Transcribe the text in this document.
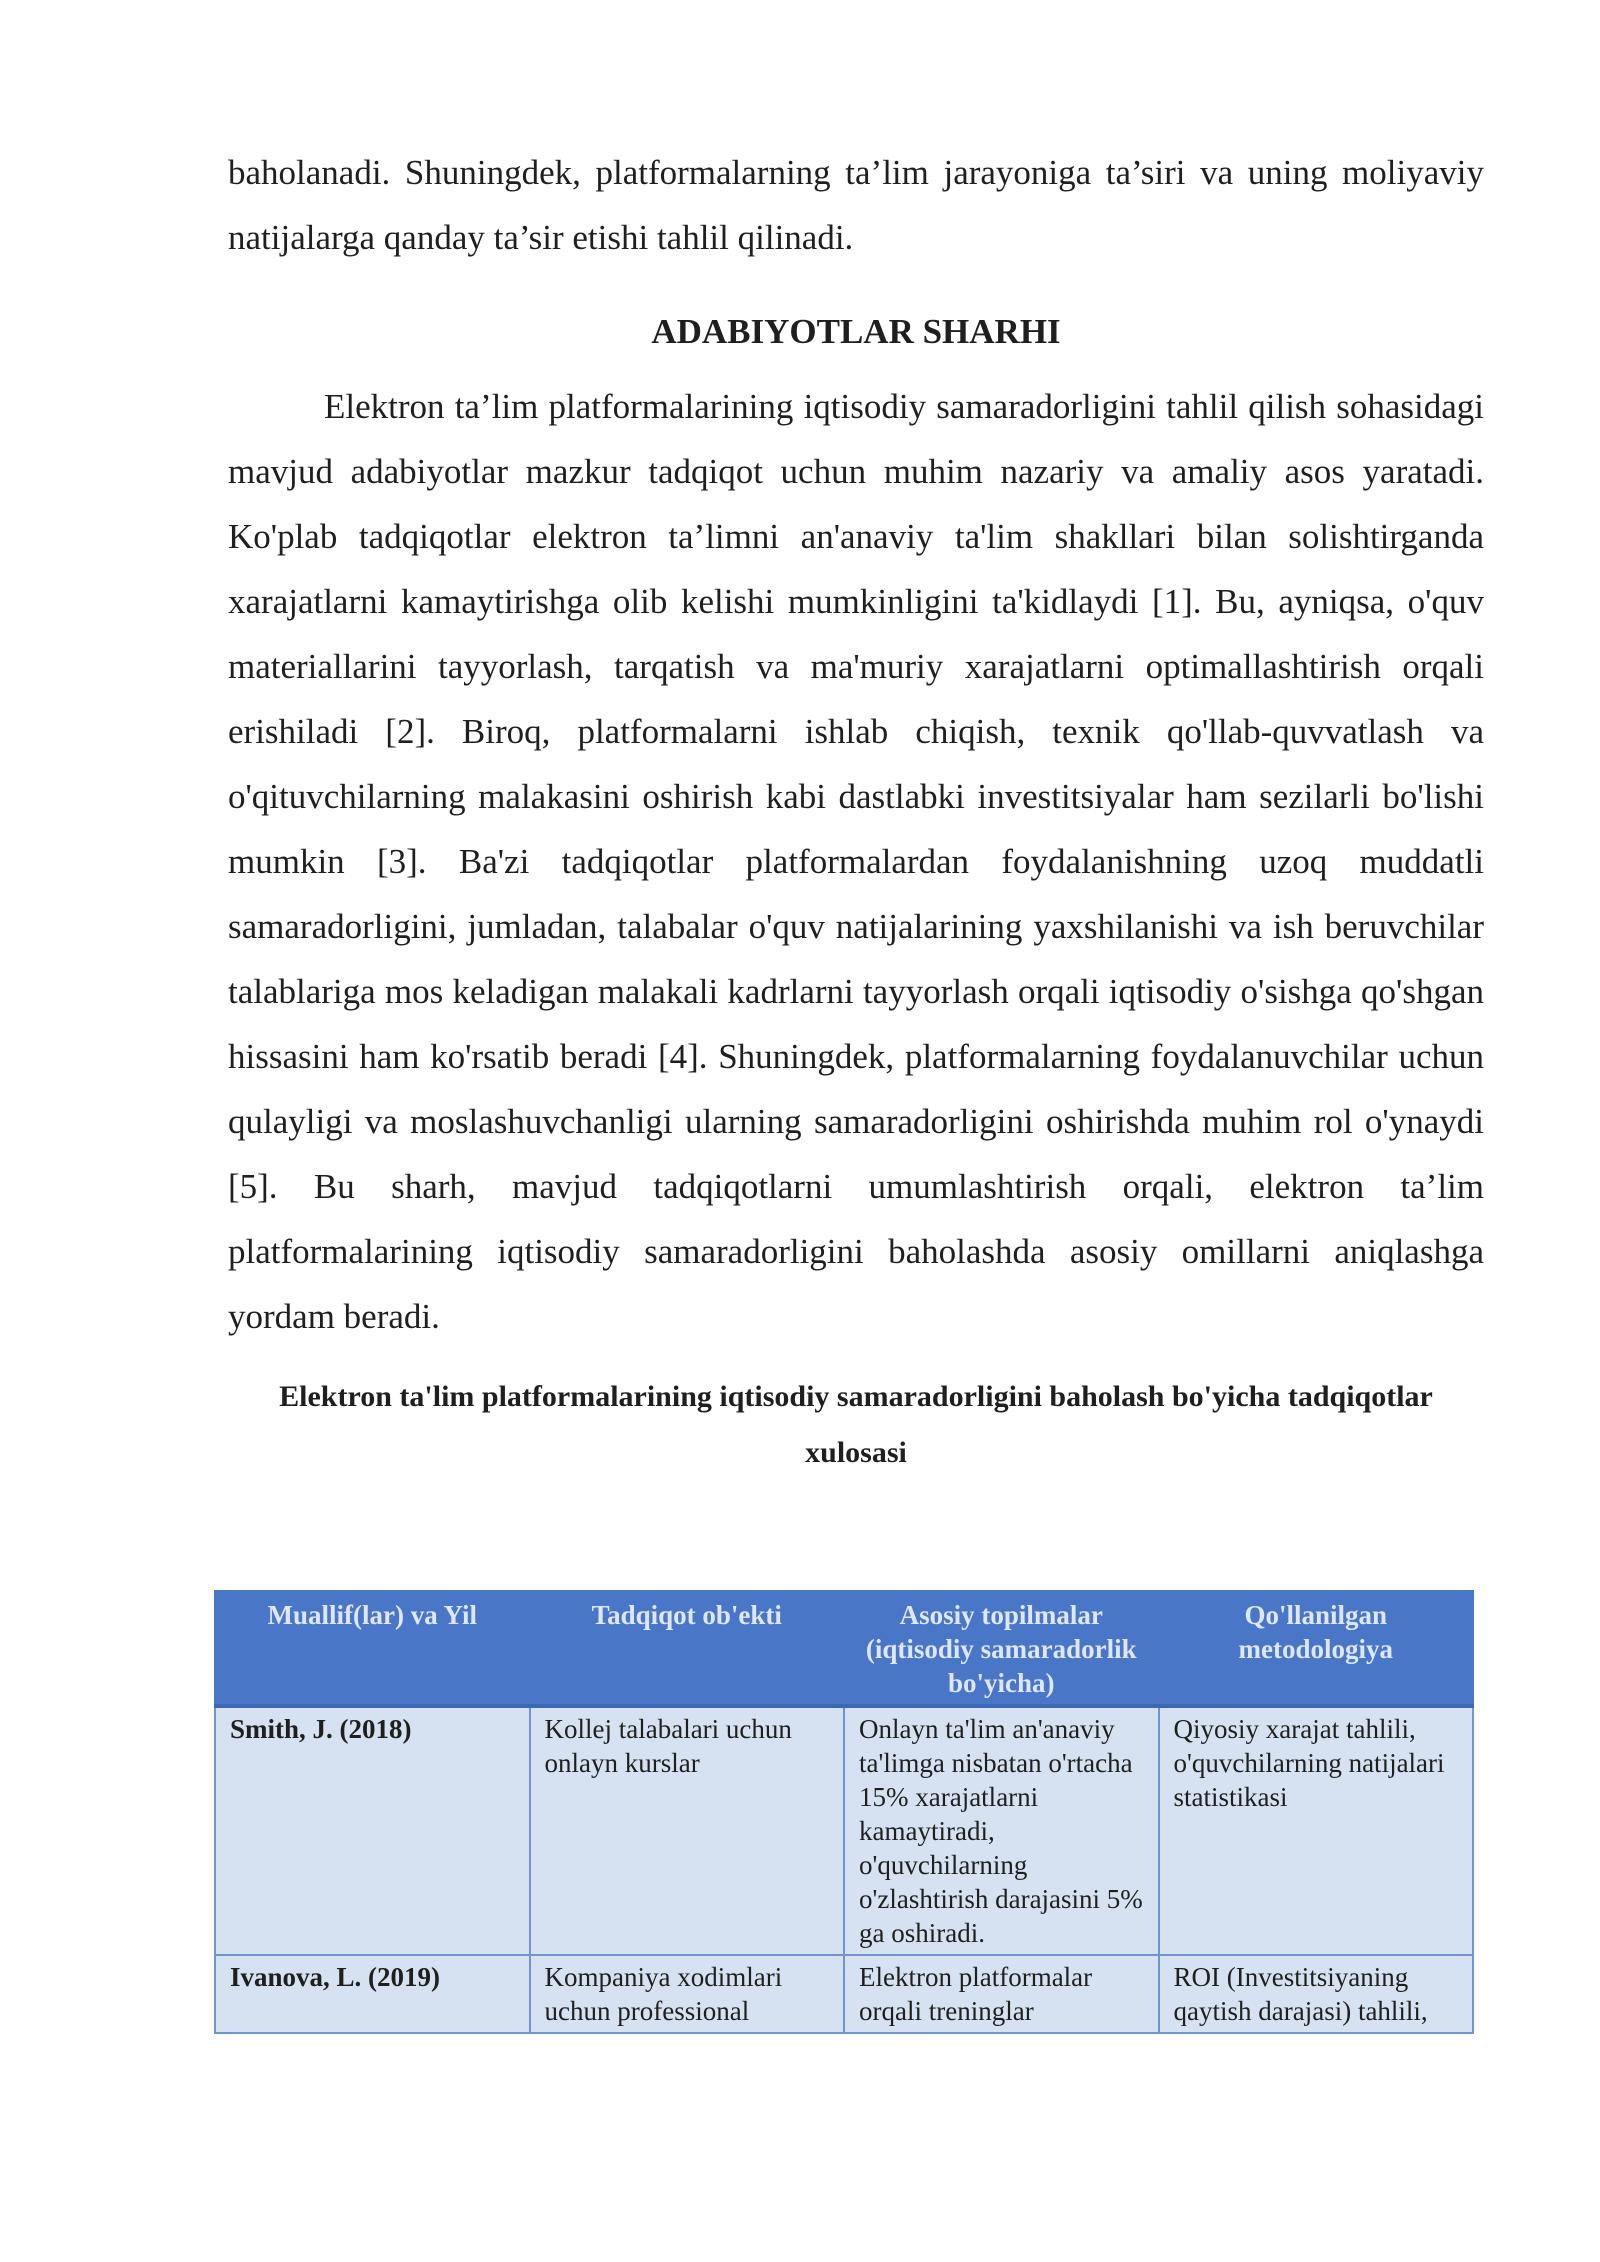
baholanadi. Shuningdek, platformalarning ta’lim jarayoniga ta’siri va uning moliyaviy natijalarga qanday ta’sir etishi tahlil qilinadi.

ADABIYOTLAR SHARHI

Elektron ta’lim platformalarining iqtisodiy samaradorligini tahlil qilish sohasidagi mavjud adabiyotlar mazkur tadqiqot uchun muhim nazariy va amaliy asos yaratadi. Ko'plab tadqiqotlar elektron ta’limni an'anaviy ta'lim shakllari bilan solishtirganda xarajatlarni kamaytirishga olib kelishi mumkinligini ta'kidlaydi [1]. Bu, ayniqsa, o'quv materiallarini tayyorlash, tarqatish va ma'muriy xarajatlarni optimallashtirish orqali erishiladi [2]. Biroq, platformalarni ishlab chiqish, texnik qo'llab-quvvatlash va o'qituvchilarning malakasini oshirish kabi dastlabki investitsiyalar ham sezilarli bo'lishi mumkin [3]. Ba'zi tadqiqotlar platformalardan foydalanishning uzoq muddatli samaradorligini, jumladan, talabalar o'quv natijalarining yaxshilanishi va ish beruvchilar talablariga mos keladigan malakali kadrlarni tayyorlash orqali iqtisodiy o'sishga qo'shgan hissasini ham ko'rsatib beradi [4]. Shuningdek, platformalarning foydalanuvchilar uchun qulayligi va moslashuvchanligi ularning samaradorligini oshirishda muhim rol o'ynaydi [5]. Bu sharh, mavjud tadqiqotlarni umumlashtirish orqali, elektron ta’lim platformalarining iqtisodiy samaradorligini baholashda asosiy omillarni aniqlashga yordam beradi.

Elektron ta'lim platformalarining iqtisodiy samaradorligini baholash bo'yicha tadqiqotlar xulosasi
Muallif(lar) va Yil	Tadqiqot ob'ekti	Asosiy topilmalar (iqtisodiy samaradorlik bo'yicha)	Qo'llanilgan metodologiya
Smith, J. (2018)	Kollej talabalari uchun onlayn kurslar	Onlayn ta'lim an'anaviy ta'limga nisbatan o'rtacha 15% xarajatlarni kamaytiradi, o'quvchilarning o'zlashtirish darajasini 5% ga oshiradi.	Qiyosiy xarajat tahlili, o'quvchilarning natijalari statistikasi

Ivanova, L. (2019)	Kompaniya xodimlari uchun professional	Elektron platformalar orqali treninglar	ROI (Investitsiyaning qaytish darajasi) tahlili,
